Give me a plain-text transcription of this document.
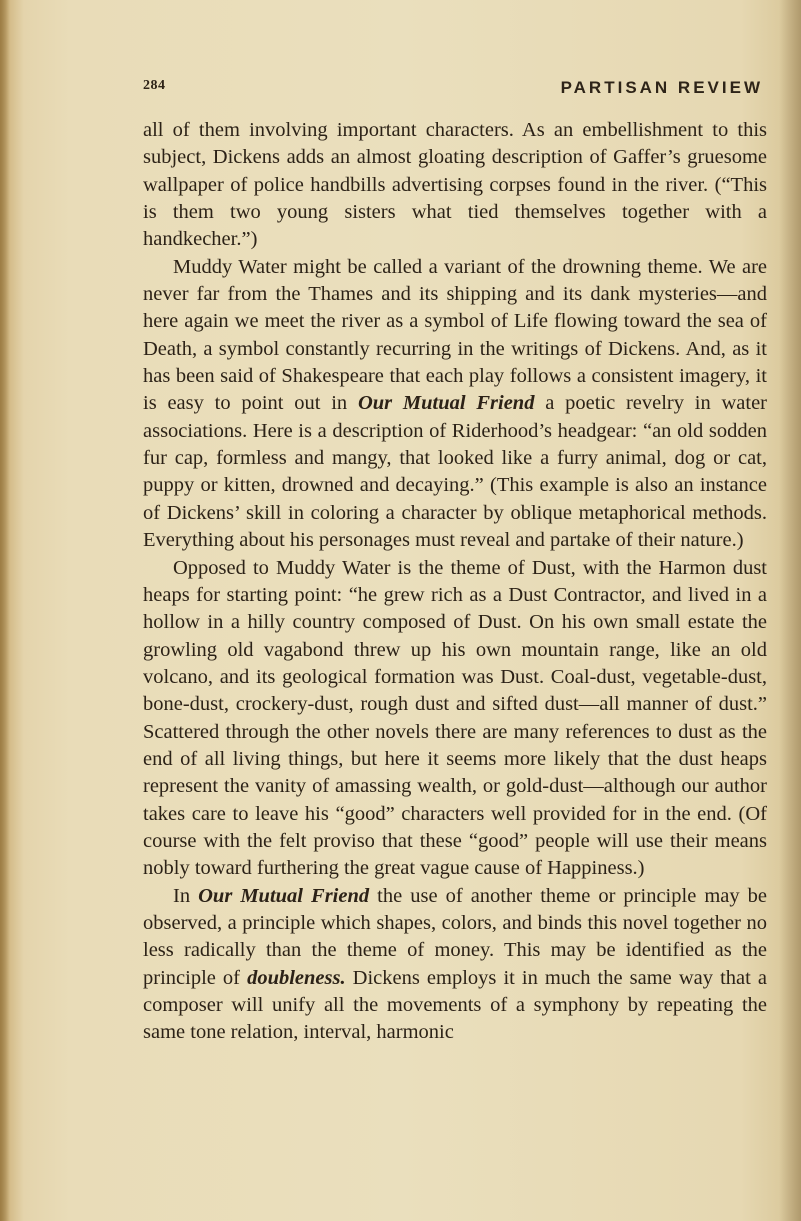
284	PARTISAN REVIEW

all of them involving important characters. As an embellishment to this subject, Dickens adds an almost gloating description of Gaffer’s gruesome wallpaper of police handbills advertising corpses found in the river. (“This is them two young sisters what tied themselves together with a handkecher.”)

Muddy Water might be called a variant of the drowning theme. We are never far from the Thames and its shipping and its dank mysteries—and here again we meet the river as a symbol of Life flowing toward the sea of Death, a symbol constantly recurring in the writings of Dickens. And, as it has been said of Shakespeare that each play follows a consistent imagery, it is easy to point out in Our Mutual Friend a poetic revelry in water associations. Here is a description of Riderhood’s headgear: “an old sodden fur cap, formless and mangy, that looked like a furry animal, dog or cat, puppy or kitten, drowned and decaying.” (This example is also an instance of Dickens’ skill in coloring a character by oblique metaphorical methods. Everything about his personages must reveal and partake of their nature.)

Opposed to Muddy Water is the theme of Dust, with the Harmon dust heaps for starting point: “he grew rich as a Dust Contractor, and lived in a hollow in a hilly country composed of Dust. On his own small estate the growling old vagabond threw up his own mountain range, like an old volcano, and its geological formation was Dust. Coal-dust, vegetable-dust, bone-dust, crockery-dust, rough dust and sifted dust—all manner of dust.” Scattered through the other novels there are many references to dust as the end of all living things, but here it seems more likely that the dust heaps represent the vanity of amassing wealth, or gold-dust—although our author takes care to leave his “good” characters well provided for in the end. (Of course with the felt proviso that these “good” people will use their means nobly toward furthering the great vague cause of Happiness.)

In Our Mutual Friend the use of another theme or principle may be observed, a principle which shapes, colors, and binds this novel together no less radically than the theme of money. This may be identified as the principle of doubleness. Dickens employs it in much the same way that a composer will unify all the movements of a symphony by repeating the same tone relation, interval, harmonic
